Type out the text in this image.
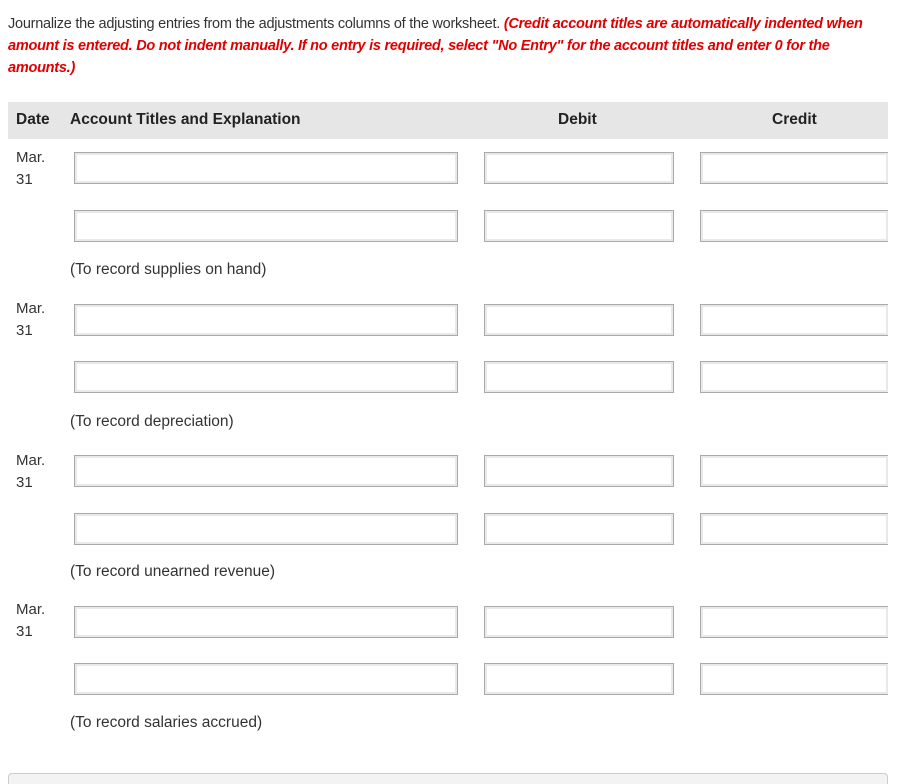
Journalize the adjusting entries from the adjustments columns of the worksheet. (Credit account titles are automatically indented when amount is entered. Do not indent manually. If no entry is required, select "No Entry" for the account titles and enter 0 for the amounts.)
Date Account Titles and Explanation	Debit	Credit
Mar.
31
(To record supplies on hand)
Mar.
31
(To record depreciation)
Mar.
31
(To record unearned revenue)
Mar.
31
(To record salaries accrued)
